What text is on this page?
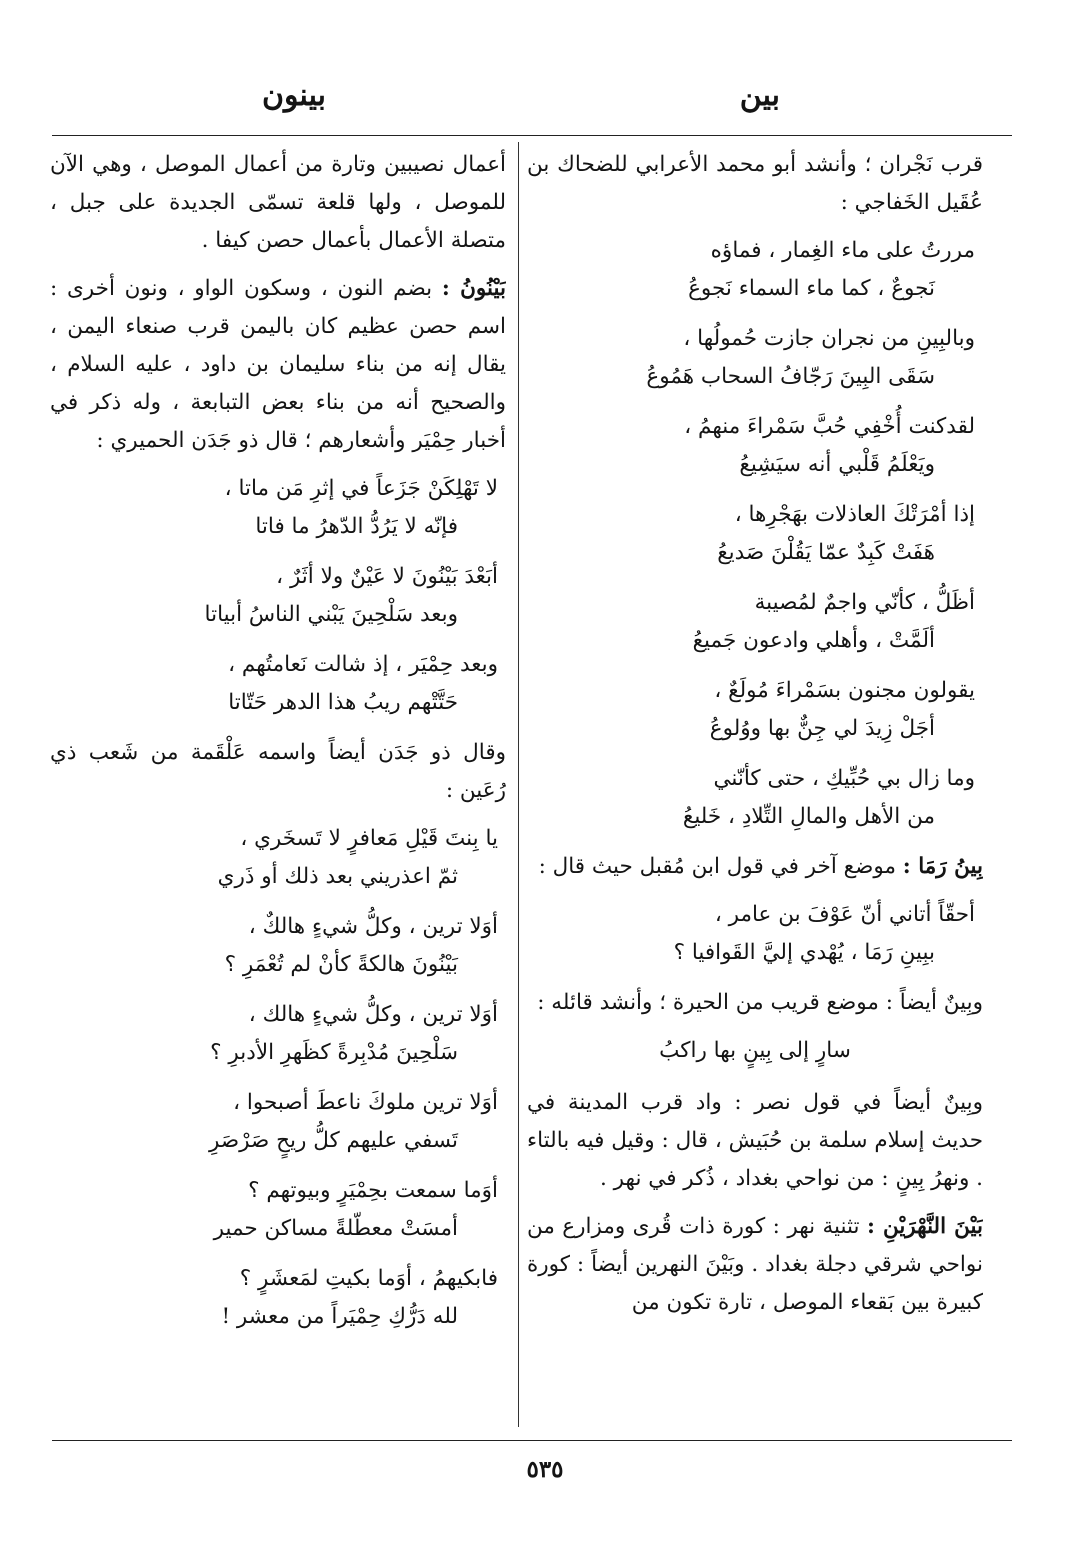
بين
بينون

قرب نَجْران ؛ وأنشد أبو محمد الأعرابي للضحاك بن عُقَيل الخَفاجي :

مررتُ على ماء الغِمار ، فماؤه
نَجوعٌ ، كما ماء السماء نَجوعُ
وبالبِينِ من نجران جازت حُمولُها ،
سَقَى البِينَ رَجّافُ السحاب هَمُوعُ
لقدكنت أُخْفِي حُبَّ سَمْراءَ منهمُ ،
ويَعْلَمُ قَلْبي أنه سيَشِيعُ
إذا أمْرَتْكَ العاذلات بهَجْرِها ،
هَفَتْ كَبِدٌ عمّا يَقُلْنَ صَديعُ
أظَلُّ ، كأنّي واجمٌ لمُصيبة
ألَمَّتْ ، وأهلي وادعون جَميعُ
يقولون مجنون بسَمْراءَ مُولَعٌ ،
أجَلْ زِيدَ لي جِنٌّ بها ووُلوعُ
وما زال بي حُبِّيكِ ، حتى كأنّني
من الأهل والمالِ التِّلادِ ، خَليعُ

بِينُ رَمَا : موضع آخر في قول ابن مُقبل حيث قال :

أحقّاً أتاني أنّ عَوْفَ بن عامر ،
ببِينِ رَمَا ، يُهْدي إليَّ القَوافيا ؟

وبِينٌ أيضاً : موضع قريب من الحيرة ؛ وأنشد قائله :

سارٍ إلى بِينٍ بها راكبُ

وبِينٌ أيضاً في قول نصر : واد قرب المدينة في حديث إسلام سلمة بن حُبَيش ، قال : وقيل فيه بالتاء . ونهرُ بِينٍ : من نواحي بغداد ، ذُكر في نهر .

بَيْنَ النَّهْرَيْنِ : تثنية نهر : كورة ذات قُرى ومزارع من نواحي شرقي دجلة بغداد . وبَيْنَ النهرين أيضاً : كورة كبيرة بين بَقعاء الموصل ، تارة تكون من

أعمال نصيبين وتارة من أعمال الموصل ، وهي الآن للموصل ، ولها قلعة تسمّى الجديدة على جبل ، متصلة الأعمال بأعمال حصن كيفا .

بَيْنُونُ : بضم النون ، وسكون الواو ، ونون أخرى : اسم حصن عظيم كان باليمن قرب صنعاء اليمن ، يقال إنه من بناء سليمان بن داود ، عليه السلام ، والصحيح أنه من بناء بعض التبابعة ، وله ذكر في أخبار حِمْيَر وأشعارهم ؛ قال ذو جَدَن الحميري :

لا تَهْلِكَنْ جَزَعاً في إثرِ مَن ماتا ،
فإنّه لا يَرُدُّ الدّهرُ ما فاتا
أبَعْدَ بَيْنُونَ لا عَيْنٌ ولا أثَرٌ ،
وبعد سَلْحِينَ يَبْني الناسُ أبياتا
وبعد حِمْيَر ، إذ شالت نَعامتُهم ،
حَتَّتْهم ريبُ هذا الدهر حَتّاتا

وقال ذو جَدَن أيضاً واسمه عَلْقَمة من شَعب ذي رُعَين :

يا بِنتَ قَيْلِ مَعافرٍ لا تَسخَري ،
ثمّ اعذريني بعد ذلك أو ذَري
أوَلا ترين ، وكلُّ شيءٍ هالكٌ ،
بَيْنُونَ هالكةً كأنْ لم تُعْمَرِ ؟
أوَلا ترين ، وكلُّ شيءٍ هالك ،
سَلْحِينَ مُدْبِرةً كظَهرِ الأدبرِ ؟
أوَلا ترين ملوكَ ناعطَ أصبحوا ،
تَسفي عليهم كلُّ ريحٍ صَرْصَرِ
أوَما سمعت بحِمْيَرٍ وبيوتهم ؟
أمسَتْ معطّلةً مساكن حمير
فابكيهمُ ، أوَما بكيتِ لمَعشَرٍ ؟
لله دَرُّكِ حِمْيَراً من معشر !
٥٣٥
